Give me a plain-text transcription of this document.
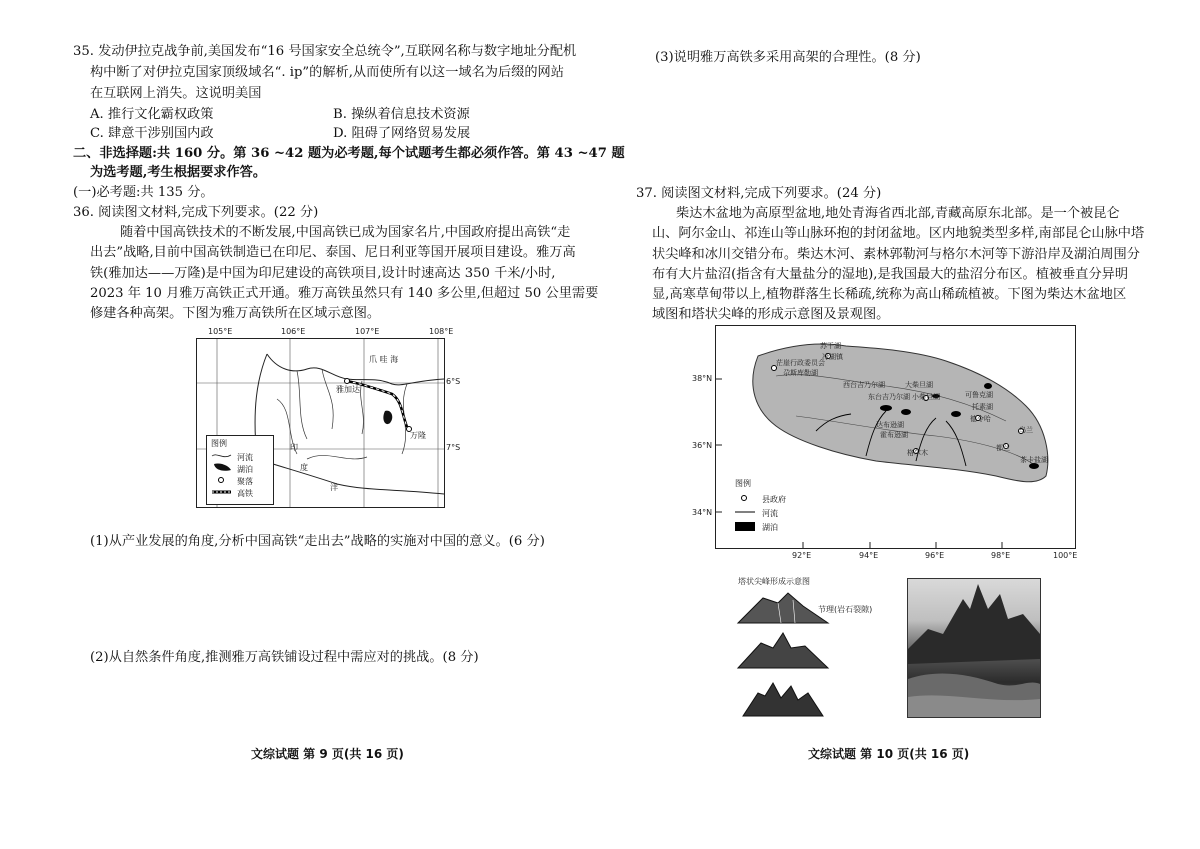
35. 发动伊拉克战争前,美国发布“16 号国家安全总统令”,互联网名称与数字地址分配机
构中断了对伊拉克国家顶级域名“. ip”的解析,从而使所有以这一域名为后缀的网站
在互联网上消失。这说明美国
A. 推行文化霸权政策	B. 操纵着信息技术资源
C. 肆意干涉别国内政	D. 阻碍了网络贸易发展
二、非选择题:共 160 分。第 36 ~42 题为必考题,每个试题考生都必须作答。第 43 ~47 题
为选考题,考生根据要求作答。
(一)必考题:共 135 分。
36. 阅读图文材料,完成下列要求。(22 分)
随着中国高铁技术的不断发展,中国高铁已成为国家名片,中国政府提出高铁“走
出去”战略,目前中国高铁制造已在印尼、泰国、尼日利亚等国开展项目建设。雅万高
铁(雅加达——万隆)是中国为印尼建设的高铁项目,设计时速高达 350 千米/小时,
2023 年 10 月雅万高铁正式开通。雅万高铁虽然只有 140 多公里,但超过 50 公里需要
修建各种高架。下图为雅万高铁所在区域示意图。
105°E	106°E	107°E	108°E
6°S
7°S
爪 哇 海
雅加达
万隆
印
度
洋
图例
河流
湖泊
聚落
高铁
(1)从产业发展的角度,分析中国高铁“走出去”战略的实施对中国的意义。(6 分)
(2)从自然条件角度,推测雅万高铁铺设过程中需应对的挑战。(8 分)
文综试题 第 9 页(共 16 页)
(3)说明雅万高铁多采用高架的合理性。(8 分)
37. 阅读图文材料,完成下列要求。(24 分)
柴达木盆地为高原型盆地,地处青海省西北部,青藏高原东北部。是一个被昆仑
山、阿尔金山、祁连山等山脉环抱的封闭盆地。区内地貌类型多样,南部昆仑山脉中塔
状尖峰和冰川交错分布。柴达木河、素林郭勒河与格尔木河等下游沿岸及湖泊周围分
布有大片盐沼(指含有大量盐分的湿地),是我国最大的盐沼分布区。植被垂直分异明
显,高寒草甸带以上,植物群落生长稀疏,统称为高山稀疏植被。下图为柴达木盆地区
域图和塔状尖峰的形成示意图及景观图。
38°N
36°N
34°N
92°E	94°E	96°E	98°E	100°E
苏干湖
冷湖镇
茫崖行政委员会
尕斯库勒湖
大柴旦湖
德令哈
格尔木
都兰
乌兰
茶卡盐湖
达布逊湖
霍布逊湖
东台吉乃尔湖
西台吉乃尔湖
小柴旦湖	可鲁克湖
托素湖
图例
县政府
河流
湖泊
塔状尖峰形成示意图
节理(岩石裂隙)
文综试题 第 10 页(共 16 页)
